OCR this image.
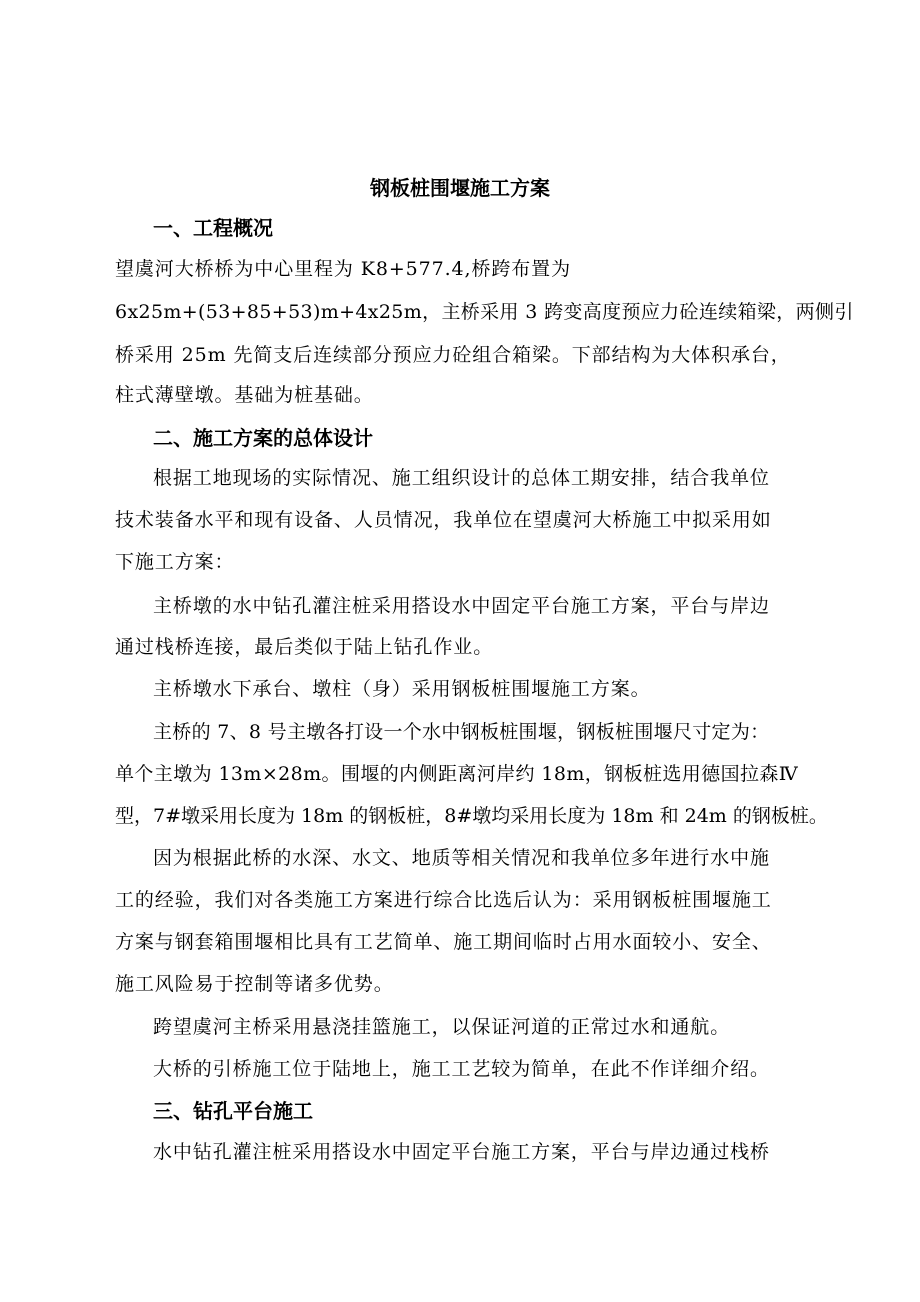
钢板桩围堰施工方案
一、工程概况
望虞河大桥桥为中心里程为 K8+577.4,桥跨布置为
6x25m+(53+85+53)m+4x25m，主桥采用 3 跨变高度预应力砼连续箱梁，两侧引
桥采用 25m 先简支后连续部分预应力砼组合箱梁。下部结构为大体积承台，
柱式薄壁墩。基础为桩基础。
二、施工方案的总体设计
根据工地现场的实际情况、施工组织设计的总体工期安排，结合我单位
技术装备水平和现有设备、人员情况，我单位在望虞河大桥施工中拟采用如
下施工方案：
主桥墩的水中钻孔灌注桩采用搭设水中固定平台施工方案，平台与岸边
通过栈桥连接，最后类似于陆上钻孔作业。
主桥墩水下承台、墩柱（身）采用钢板桩围堰施工方案。
主桥的 7、8 号主墩各打设一个水中钢板桩围堰，钢板桩围堰尺寸定为：
单个主墩为 13m×28m。围堰的内侧距离河岸约 18m，钢板桩选用德国拉森Ⅳ
型，7#墩采用长度为 18m 的钢板桩，8#墩均采用长度为 18m 和 24m 的钢板桩。
因为根据此桥的水深、水文、地质等相关情况和我单位多年进行水中施
工的经验，我们对各类施工方案进行综合比选后认为：采用钢板桩围堰施工
方案与钢套箱围堰相比具有工艺简单、施工期间临时占用水面较小、安全、
施工风险易于控制等诸多优势。
跨望虞河主桥采用悬浇挂篮施工，以保证河道的正常过水和通航。
大桥的引桥施工位于陆地上，施工工艺较为简单，在此不作详细介绍。
三、钻孔平台施工
水中钻孔灌注桩采用搭设水中固定平台施工方案，平台与岸边通过栈桥
